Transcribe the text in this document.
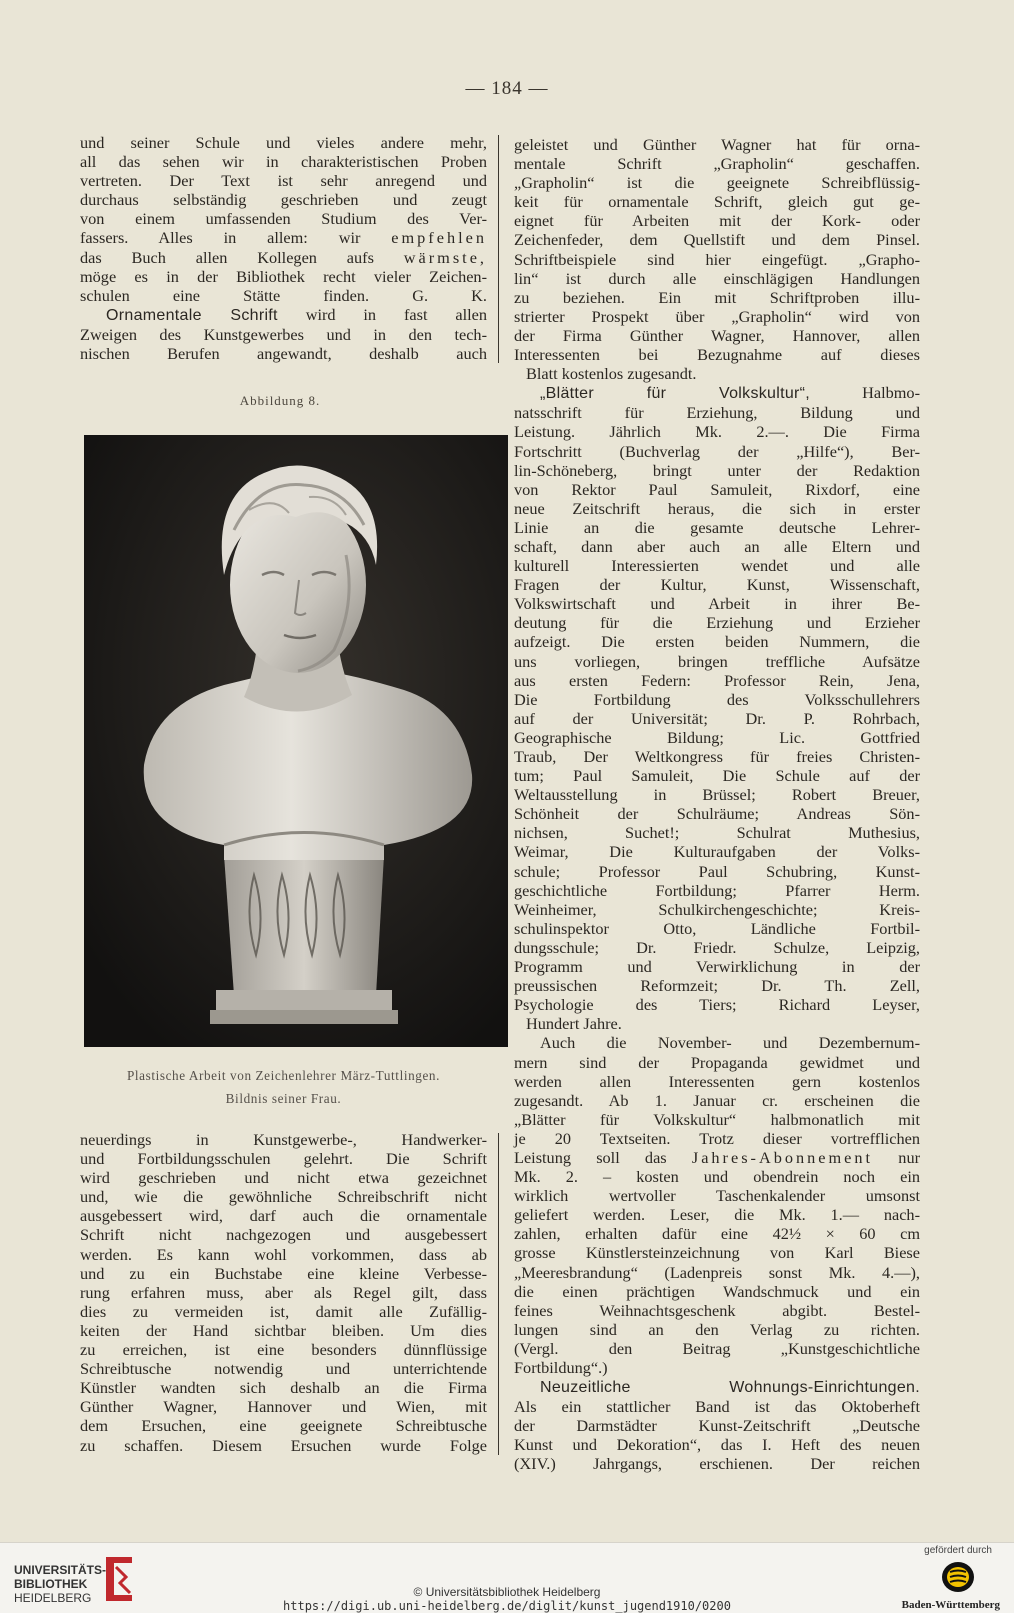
— 184 —
und seiner Schule und vieles andere mehr,
all das sehen wir in charakteristischen Proben
vertreten. Der Text ist sehr anregend und
durchaus selbständig geschrieben und zeugt
von einem umfassenden Studium des Ver-
fassers. Alles in allem: wir empfehlen
das Buch allen Kollegen aufs wärmste,
möge es in der Bibliothek recht vieler Zeichen-
schulen eine Stätte finden.	G. K.
Ornamentale Schrift wird in fast allen
Zweigen des Kunstgewerbes und in den tech-
nischen Berufen angewandt, deshalb auch
Abbildung 8.
Plastische Arbeit von Zeichenlehrer März-Tuttlingen.
Bildnis seiner Frau.
neuerdings in Kunstgewerbe-, Handwerker-
und Fortbildungsschulen gelehrt. Die Schrift
wird geschrieben und nicht etwa gezeichnet
und, wie die gewöhnliche Schreibschrift nicht
ausgebessert wird, darf auch die ornamentale
Schrift nicht nachgezogen und ausgebessert
werden. Es kann wohl vorkommen, dass ab
und zu ein Buchstabe eine kleine Verbesse-
rung erfahren muss, aber als Regel gilt, dass
dies zu vermeiden ist, damit alle Zufällig-
keiten der Hand sichtbar bleiben. Um dies
zu erreichen, ist eine besonders dünnflüssige
Schreibtusche notwendig und unterrichtende
Künstler wandten sich deshalb an die Firma
Günther Wagner, Hannover und Wien, mit
dem Ersuchen, eine geeignete Schreibtusche
zu schaffen. Diesem Ersuchen wurde Folge
geleistet und Günther Wagner hat für orna-
mentale Schrift „Grapholin“ geschaffen.
„Grapholin“ ist die geeignete Schreibflüssig-
keit für ornamentale Schrift, gleich gut ge-
eignet für Arbeiten mit der Kork- oder
Zeichenfeder, dem Quellstift und dem Pinsel.
Schriftbeispiele sind hier eingefügt. „Grapho-
lin“ ist durch alle einschlägigen Handlungen
zu beziehen. Ein mit Schriftproben illu-
strierter Prospekt über „Grapholin“ wird von
der Firma Günther Wagner, Hannover, allen
Interessenten bei Bezugnahme auf dieses
Blatt kostenlos zugesandt.
„Blätter für Volkskultur“,	Halbmo-
natsschrift für Erziehung, Bildung und
Leistung. Jährlich Mk. 2.—. Die Firma
Fortschritt (Buchverlag der „Hilfe“), Ber-
lin-Schöneberg, bringt unter der Redaktion
von Rektor Paul Samuleit, Rixdorf, eine
neue Zeitschrift heraus, die sich in erster
Linie an die gesamte deutsche Lehrer-
schaft, dann aber auch an alle Eltern und
kulturell Interessierten wendet und alle
Fragen der Kultur, Kunst, Wissenschaft,
Volkswirtschaft und Arbeit in ihrer Be-
deutung für die Erziehung und Erzieher
aufzeigt. Die ersten beiden Nummern, die
uns vorliegen, bringen treffliche Aufsätze
aus ersten Federn: Professor Rein, Jena,
Die Fortbildung des Volksschullehrers
auf der Universität; Dr. P. Rohrbach,
Geographische Bildung; Lic. Gottfried
Traub, Der Weltkongress für freies Christen-
tum; Paul Samuleit, Die Schule auf der
Weltausstellung in Brüssel; Robert Breuer,
Schönheit der Schulräume; Andreas Sön-
nichsen, Suchet!; Schulrat Muthesius,
Weimar, Die Kulturaufgaben der Volks-
schule; Professor Paul Schubring, Kunst-
geschichtliche Fortbildung; Pfarrer Herm.
Weinheimer, Schulkirchengeschichte; Kreis-
schulinspektor Otto, Ländliche Fortbil-
dungsschule; Dr. Friedr. Schulze, Leipzig,
Programm und Verwirklichung in der
preussischen Reformzeit; Dr. Th. Zell,
Psychologie des Tiers; Richard Leyser,
Hundert Jahre.
Auch die November- und Dezembernum-
mern sind der Propaganda gewidmet und
werden allen Interessenten gern kostenlos
zugesandt. Ab 1. Januar cr. erscheinen die
„Blätter für Volkskultur“ halbmonatlich mit
je 20 Textseiten. Trotz dieser vortrefflichen
Leistung soll das Jahres-Abonnement nur
Mk. 2. – kosten und obendrein noch ein
wirklich wertvoller Taschenkalender umsonst
geliefert werden. Leser, die Mk. 1.— nach-
zahlen, erhalten dafür eine 42½ × 60 cm
grosse Künstlersteinzeichnung von Karl Biese
„Meeresbrandung“ (Ladenpreis sonst Mk. 4.—),
die einen prächtigen Wandschmuck und ein
feines Weihnachtsgeschenk abgibt. Bestel-
lungen sind an den Verlag zu richten.
(Vergl. den Beitrag „Kunstgeschichtliche
Fortbildung“.)
Neuzeitliche Wohnungs-Einrichtungen.
Als ein stattlicher Band ist das Oktoberheft
der Darmstädter Kunst-Zeitschrift „Deutsche
Kunst und Dekoration“, das I. Heft des neuen
(XIV.) Jahrgangs, erschienen. Der reichen
UNIVERSITÄTS-
BIBLIOTHEK
HEIDELBERG	© Universitätsbibliothek Heidelberg
https://digi.ub.uni-heidelberg.de/diglit/kunst_jugend1910/0200
gefördert durch
Baden-Württemberg
